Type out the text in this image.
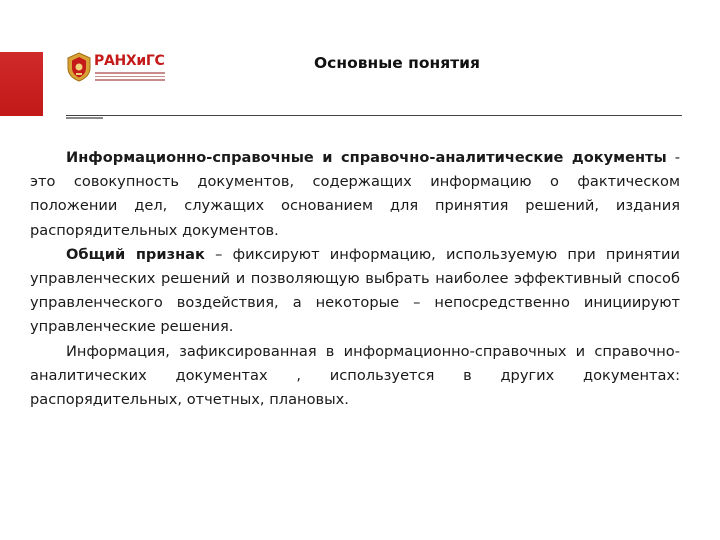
РАНХиГС	Основные понятия

Информационно-справочные и справочно-аналитические документы - это совокупность документов, содержащих информацию о фактическом положении дел, служащих основанием для принятия решений, издания распорядительных документов.

Общий признак – фиксируют информацию, используемую при принятии управленческих решений и позволяющую выбрать наиболее эффективный способ управленческого воздействия, а некоторые – непосредственно инициируют управленческие решения.

Информация, зафиксированная в информационно-справочных и справочно-аналитических документах , используется в других документах: распорядительных, отчетных, плановых.
